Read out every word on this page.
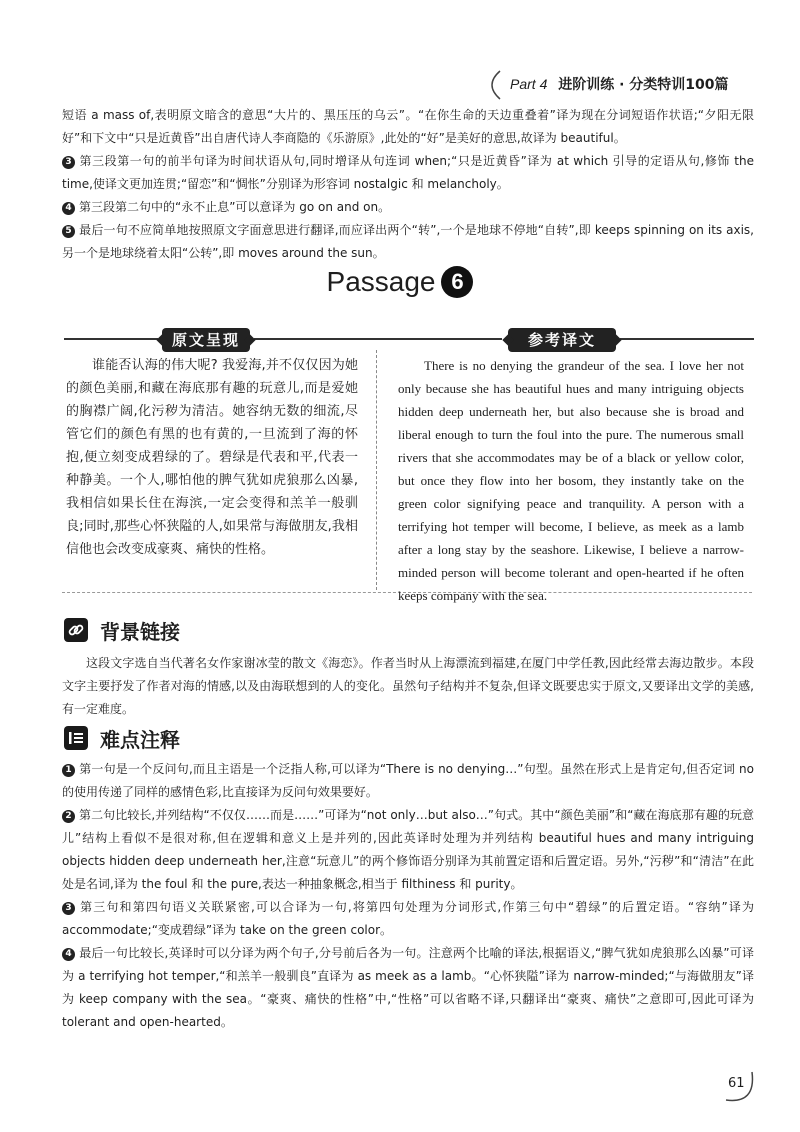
Part 4 进阶训练 · 分类特训100篇
短语 a mass of,表明原文暗含的意思“大片的、黑压压的乌云”。“在你生命的天边重叠着”译为现在分词短语作状语;“夕阳无限好”和下文中“只是近黄昏”出自唐代诗人李商隐的《乐游原》,此处的“好”是美好的意思,故译为 beautiful。
3 第三段第一句的前半句译为时间状语从句,同时增译从句连词 when;“只是近黄昏”译为 at which 引导的定语从句,修饰 the time,使译文更加连贯;“留恋”和“惆怅”分别译为形容词 nostalgic 和 melancholy。
4 第三段第二句中的“永不止息”可以意译为 go on and on。
5 最后一句不应简单地按照原文字面意思进行翻译,而应译出两个“转”,一个是地球不停地“自转”,即 keeps spinning on its axis,另一个是地球绕着太阳“公转”,即 moves around the sun。
Passage 6
原文呈现	参考译文
谁能否认海的伟大呢? 我爱海,并不仅仅因为她的颜色美丽,和藏在海底那有趣的玩意儿,而是爱她的胸襟广阔,化污秽为清洁。她容纳无数的细流,尽管它们的颜色有黑的也有黄的,一旦流到了海的怀抱,便立刻变成碧绿的了。碧绿是代表和平,代表一种静美。一个人,哪怕他的脾气犹如虎狼那么凶暴,我相信如果长住在海滨,一定会变得和羔羊一般驯良;同时,那些心怀狭隘的人,如果常与海做朋友,我相信他也会改变成豪爽、痛快的性格。
There is no denying the grandeur of the sea. I love her not only because she has beautiful hues and many intriguing objects hidden deep underneath her, but also because she is broad and liberal enough to turn the foul into the pure. The numerous small rivers that she accommodates may be of a black or yellow color, but once they flow into her bosom, they instantly take on the green color signifying peace and tranquility. A person with a terrifying hot temper will become, I believe, as meek as a lamb after a long stay by the seashore. Likewise, I believe a narrow-minded person will become tolerant and open-hearted if he often keeps company with the sea.
背景链接
这段文字选自当代著名女作家谢冰莹的散文《海恋》。作者当时从上海漂流到福建,在厦门中学任教,因此经常去海边散步。本段文字主要抒发了作者对海的情感,以及由海联想到的人的变化。虽然句子结构并不复杂,但译文既要忠实于原文,又要译出文学的美感,有一定难度。
难点注释
1 第一句是一个反问句,而且主语是一个泛指人称,可以译为“There is no denying…”句型。虽然在形式上是肯定句,但否定词 no 的使用传递了同样的感情色彩,比直接译为反问句效果要好。
2 第二句比较长,并列结构“不仅仅……而是……”可译为“not only…but also…”句式。其中“颜色美丽”和“藏在海底那有趣的玩意儿”结构上看似不是很对称,但在逻辑和意义上是并列的,因此英译时处理为并列结构 beautiful hues and many intriguing objects hidden deep underneath her,注意“玩意儿”的两个修饰语分别译为其前置定语和后置定语。另外,“污秽”和“清洁”在此处是名词,译为 the foul 和 the pure,表达一种抽象概念,相当于 filthiness 和 purity。
3 第三句和第四句语义关联紧密,可以合译为一句,将第四句处理为分词形式,作第三句中“碧绿”的后置定语。“容纳”译为 accommodate;“变成碧绿”译为 take on the green color。
4 最后一句比较长,英译时可以分译为两个句子,分号前后各为一句。注意两个比喻的译法,根据语义,“脾气犹如虎狼那么凶暴”可译为 a terrifying hot temper,“和羔羊一般驯良”直译为 as meek as a lamb。“心怀狭隘”译为 narrow-minded;“与海做朋友”译为 keep company with the sea。“豪爽、痛快的性格”中,“性格”可以省略不译,只翻译出“豪爽、痛快”之意即可,因此可译为 tolerant and open-hearted。
61
